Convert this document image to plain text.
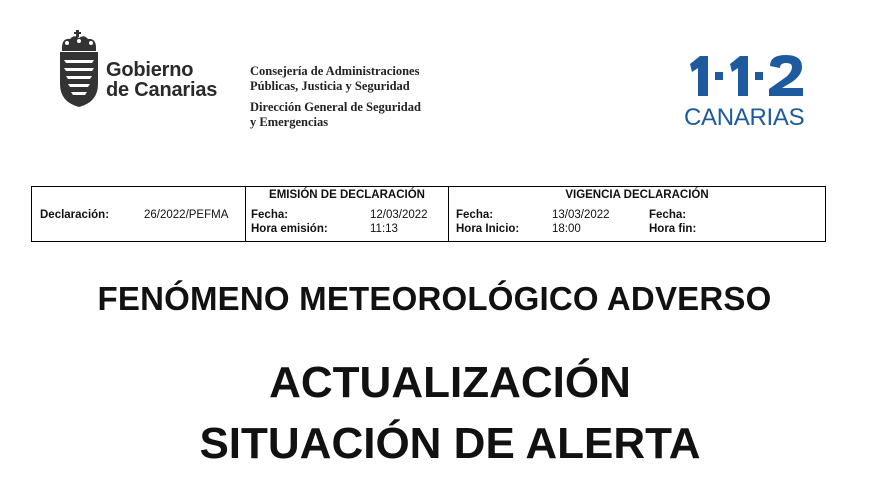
Gobierno
de Canarias
Consejería de Administraciones
Públicas, Justicia y Seguridad
Dirección General de Seguridad
y Emergencias	CANARIAS
Declaración:	26/2022/PEFMA

EMISIÓN DE DECLARACIÓN
Fecha:	12/03/2022
Hora emisión:	11:13

VIGENCIA DECLARACIÓN
Fecha:	13/03/2022
Hora Inicio:	18:00
Fecha:
Hora fin:
FENÓMENO METEOROLÓGICO ADVERSO
ACTUALIZACIÓN
SITUACIÓN DE ALERTA
